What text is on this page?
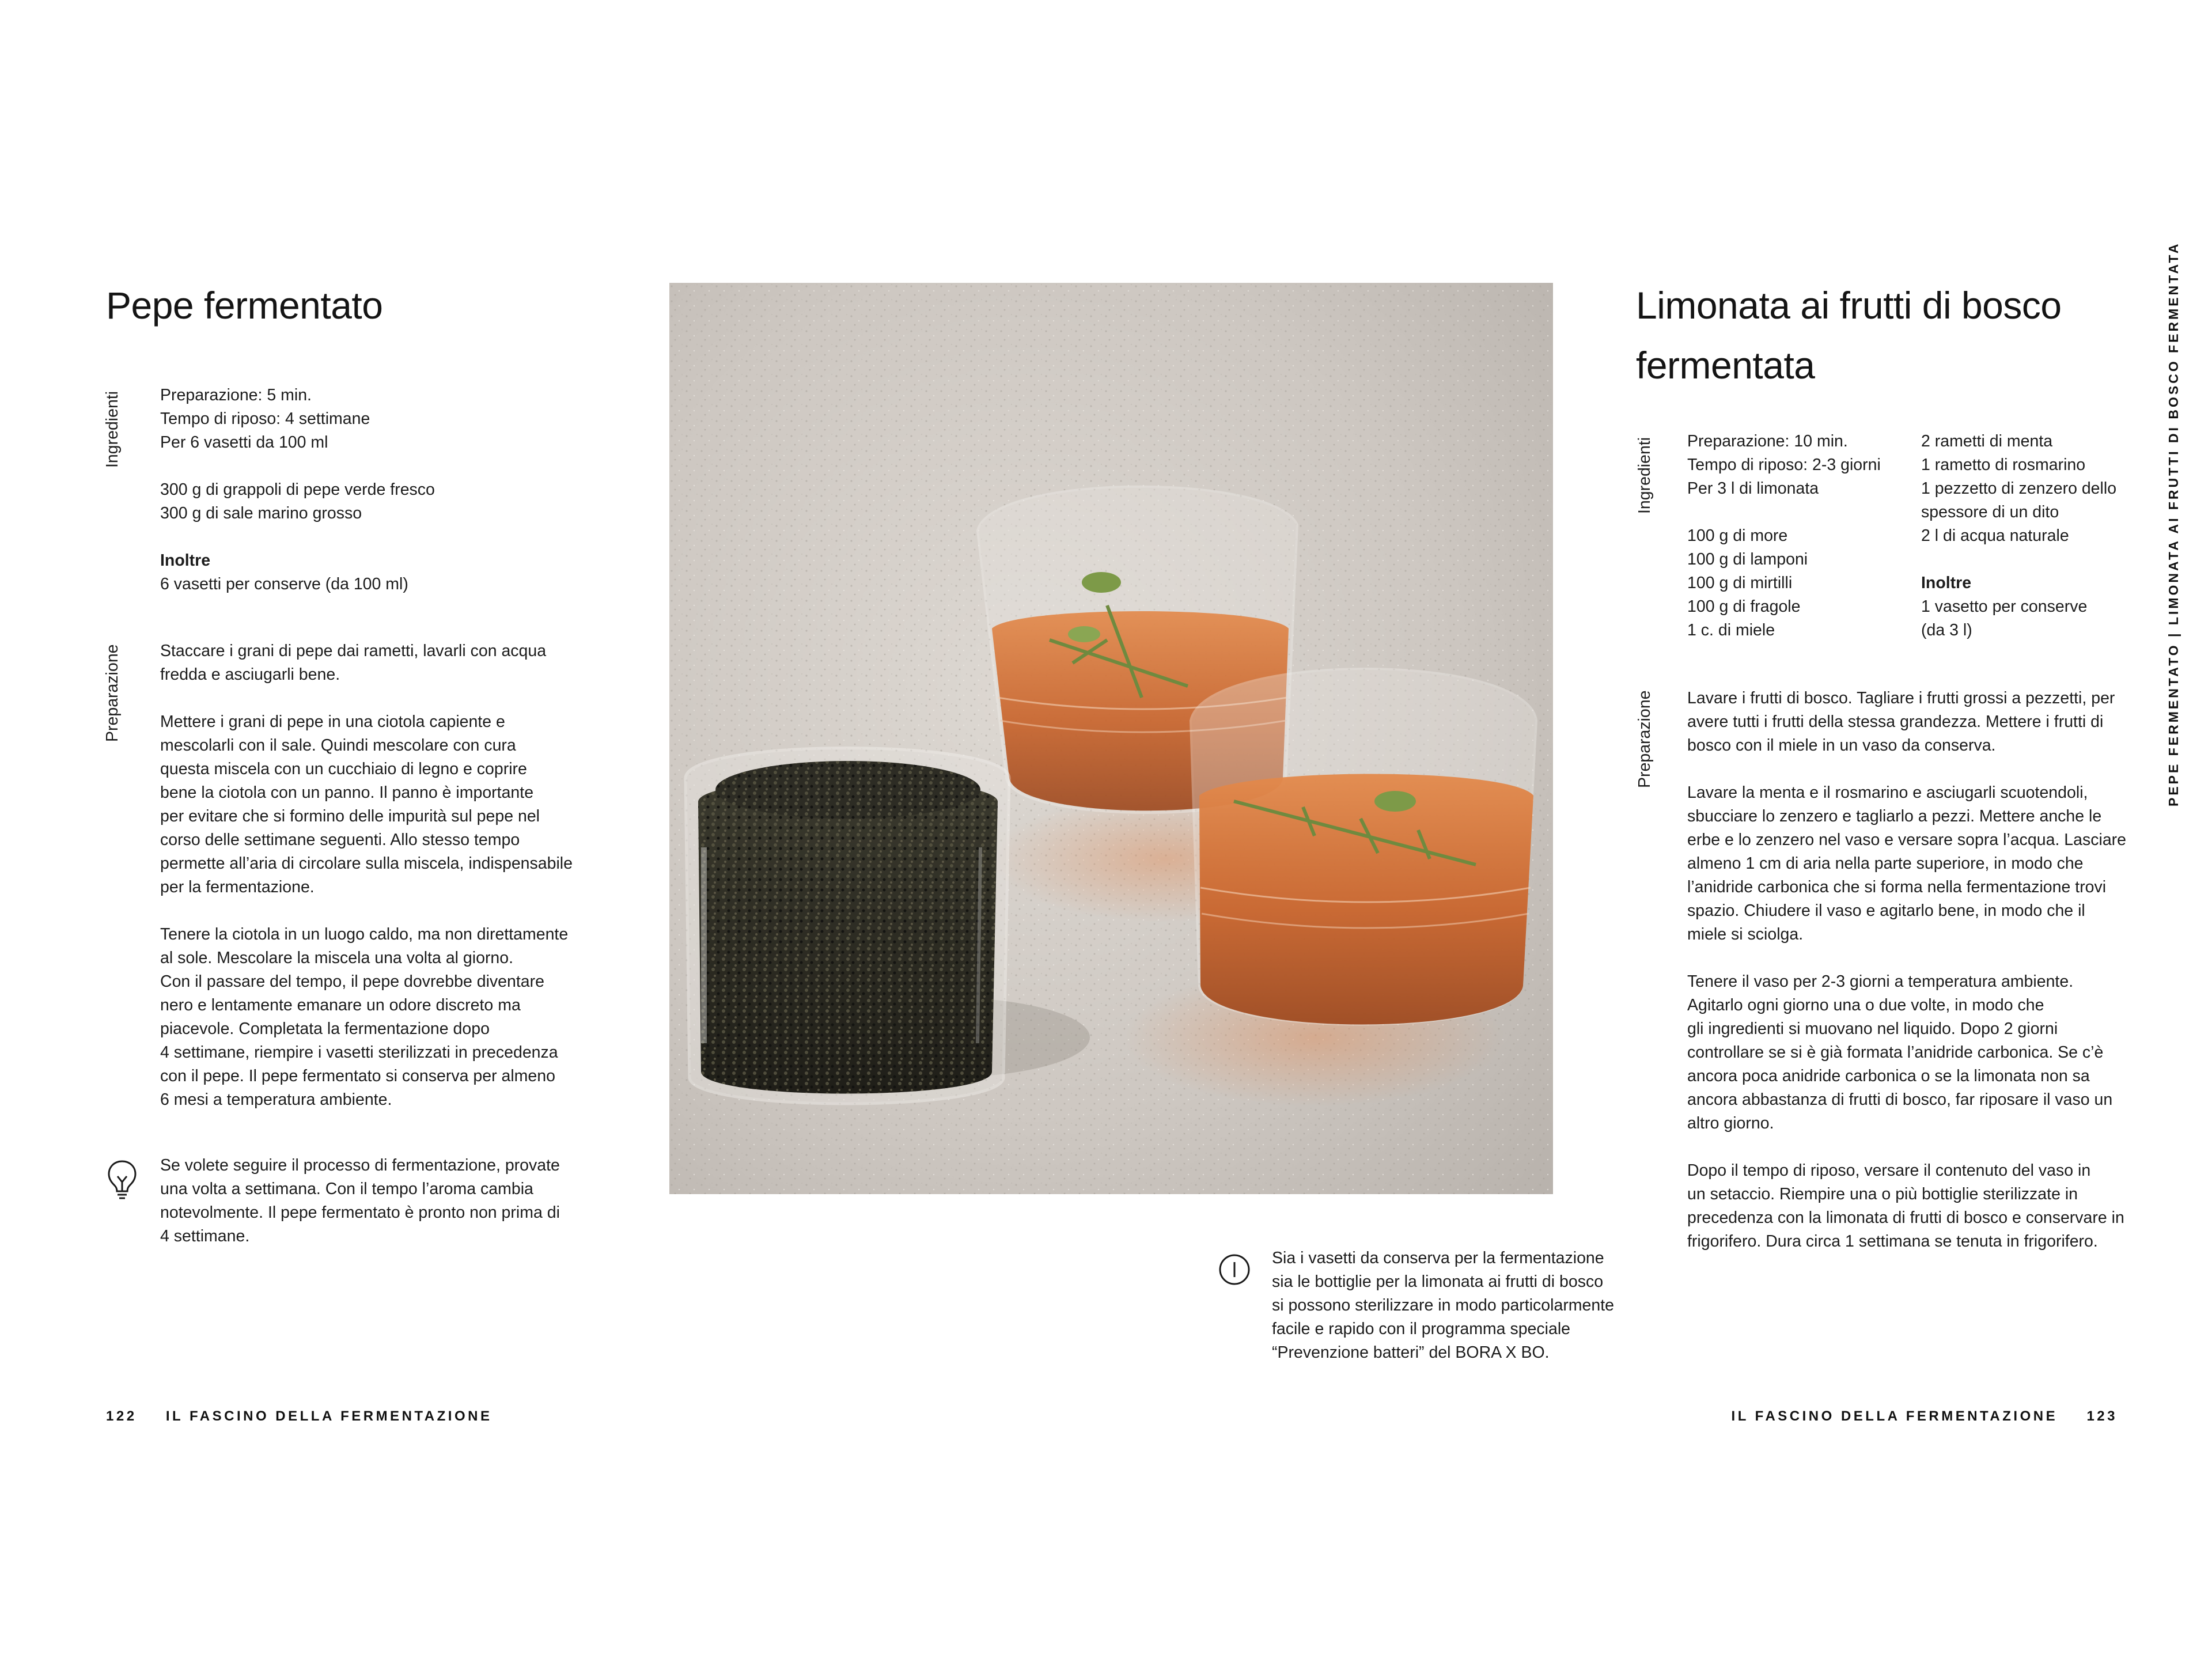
Pepe fermentato
Ingredienti Preparazione: 5 min.

Tempo di riposo: 4 settimane

Per 6 vasetti da 100 ml

300 g di grappoli di pepe verde fresco

300 g di sale marino grosso

Inoltre

6 vasetti per conserve (da 100 ml)

Preparazione Staccare i grani di pepe dai rametti, lavarli con acqua

fredda e asciugarli bene.

Mettere i grani di pepe in una ciotola capiente e

mescolarli con il sale. Quindi mescolare con cura

questa miscela con un cucchiaio di legno e coprire

bene la ciotola con un panno. Il panno è importante

per evitare che si formino delle impurità sul pepe nel

corso delle settimane seguenti. Allo stesso tempo

permette all’aria di circolare sulla miscela, indispensabile

per la fermentazione.

Tenere la ciotola in un luogo caldo, ma non direttamente

al sole. Mescolare la miscela una volta al giorno.

Con il passare del tempo, il pepe dovrebbe diventare

nero e lentamente emanare un odore discreto ma

piacevole. Completata la fermentazione dopo

4 settimane, riempire i vasetti sterilizzati in precedenza

con il pepe. Il pepe fermentato si conserva per almeno

6 mesi a temperatura ambiente.

Se volete seguire il processo di fermentazione, provate

una volta a settimana. Con il tempo l’aroma cambia

notevolmente. Il pepe fermentato è pronto non prima di

4 settimane.

122 IL FASCINO DELLA FERMENTAZIONE

Sia i vasetti da conserva per la fermentazione

sia le bottiglie per la limonata ai frutti di bosco

si possono sterilizzare in modo particolarmente

facile e rapido con il programma speciale

“Prevenzione batteri” del BORA X BO.

Limonata ai frutti di bosco
fermentata
Ingredienti Preparazione: 10 min.

Tempo di riposo: 2-3 giorni

Per 3 l di limonata

100 g di more

100 g di lamponi

100 g di mirtilli

100 g di fragole

1 c. di miele

2 rametti di menta

1 rametto di rosmarino

1 pezzetto di zenzero dello

spessore di un dito

2 l di acqua naturale

Inoltre

1 vasetto per conserve

(da 3 l)

Preparazione Lavare i frutti di bosco. Tagliare i frutti grossi a pezzetti, per

avere tutti i frutti della stessa grandezza. Mettere i frutti di

bosco con il miele in un vaso da conserva.

Lavare la menta e il rosmarino e asciugarli scuotendoli,

sbucciare lo zenzero e tagliarlo a pezzi. Mettere anche le

erbe e lo zenzero nel vaso e versare sopra l’acqua. Lasciare

almeno 1 cm di aria nella parte superiore, in modo che

l’anidride carbonica che si forma nella fermentazione trovi

spazio. Chiudere il vaso e agitarlo bene, in modo che il

miele si sciolga.

Tenere il vaso per 2-3 giorni a temperatura ambiente.

Agitarlo ogni giorno una o due volte, in modo che

gli ingredienti si muovano nel liquido. Dopo 2 giorni

controllare se si è già formata l’anidride carbonica. Se c’è

ancora poca anidride carbonica o se la limonata non sa

ancora abbastanza di frutti di bosco, far riposare il vaso un

altro giorno.

Dopo il tempo di riposo, versare il contenuto del vaso in

un setaccio. Riempire una o più bottiglie sterilizzate in

precedenza con la limonata di frutti di bosco e conservare in

frigorifero. Dura circa 1 settimana se tenuta in frigorifero.

IL FASCINO DELLA FERMENTAZIONE 123
PEPE FERMENTATO | LIMONATA AI FRUTTI DI BOSCO FERMENTATA
